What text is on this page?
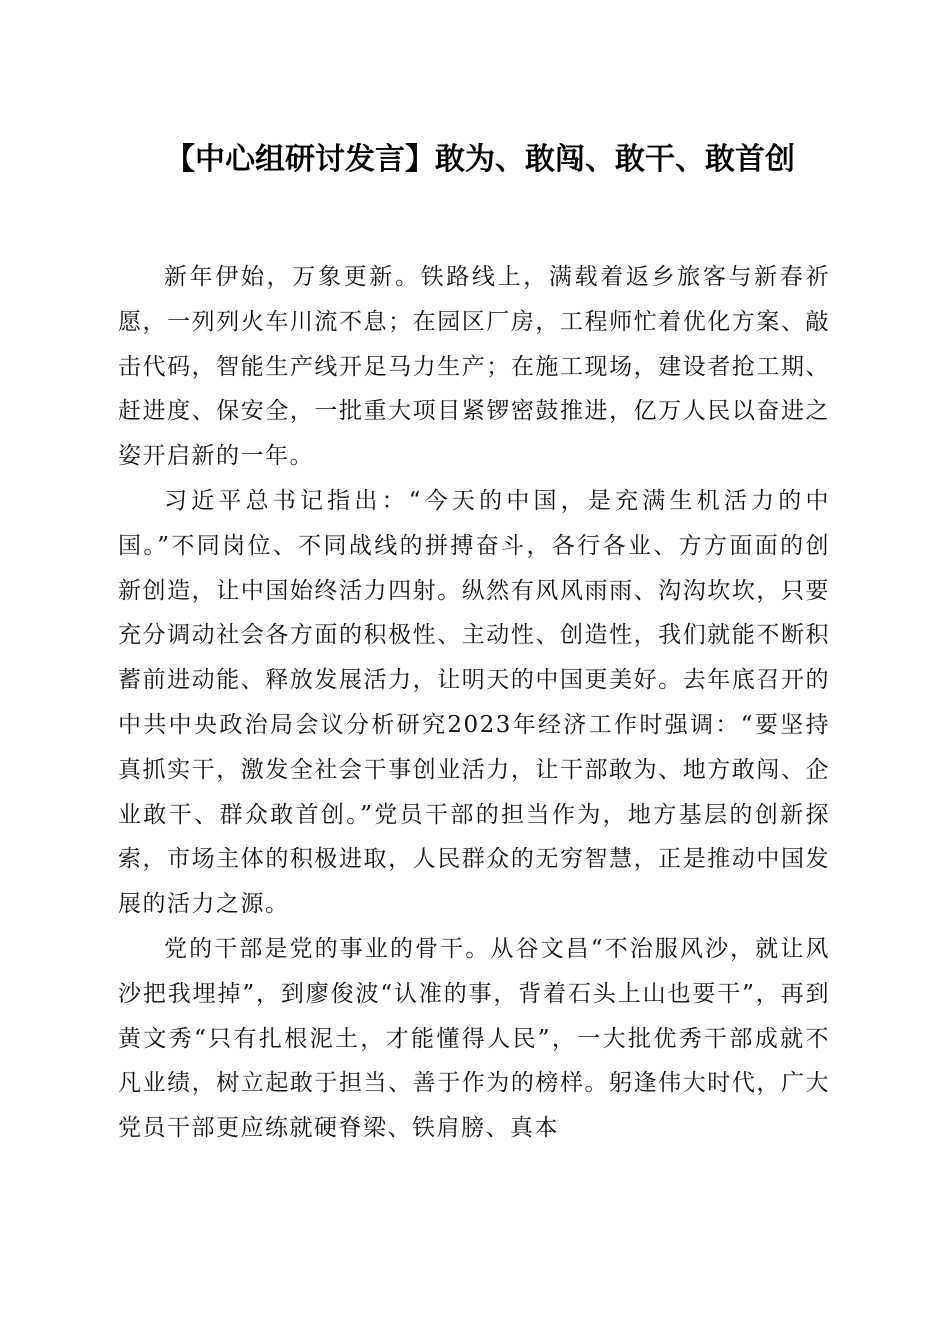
【中心组研讨发言】敢为、敢闯、敢干、敢首创

新年伊始，万象更新。铁路线上，满载着返乡旅客与新春祈愿，一列列火车川流不息；在园区厂房，工程师忙着优化方案、敲击代码，智能生产线开足马力生产；在施工现场，建设者抢工期、赶进度、保安全，一批重大项目紧锣密鼓推进，亿万人民以奋进之姿开启新的一年。

习近平总书记指出：“今天的中国，是充满生机活力的中国。”不同岗位、不同战线的拼搏奋斗，各行各业、方方面面的创新创造，让中国始终活力四射。纵然有风风雨雨、沟沟坎坎，只要充分调动社会各方面的积极性、主动性、创造性，我们就能不断积蓄前进动能、释放发展活力，让明天的中国更美好。去年底召开的中共中央政治局会议分析研究2023年经济工作时强调：“要坚持真抓实干，激发全社会干事创业活力，让干部敢为、地方敢闯、企业敢干、群众敢首创。”党员干部的担当作为，地方基层的创新探索，市场主体的积极进取，人民群众的无穷智慧，正是推动中国发展的活力之源。

党的干部是党的事业的骨干。从谷文昌“不治服风沙，就让风沙把我埋掉”，到廖俊波“认准的事，背着石头上山也要干”，再到黄文秀“只有扎根泥土，才能懂得人民”，一大批优秀干部成就不凡业绩，树立起敢于担当、善于作为的榜样。躬逢伟大时代，广大党员干部更应练就硬脊梁、铁肩膀、真本
